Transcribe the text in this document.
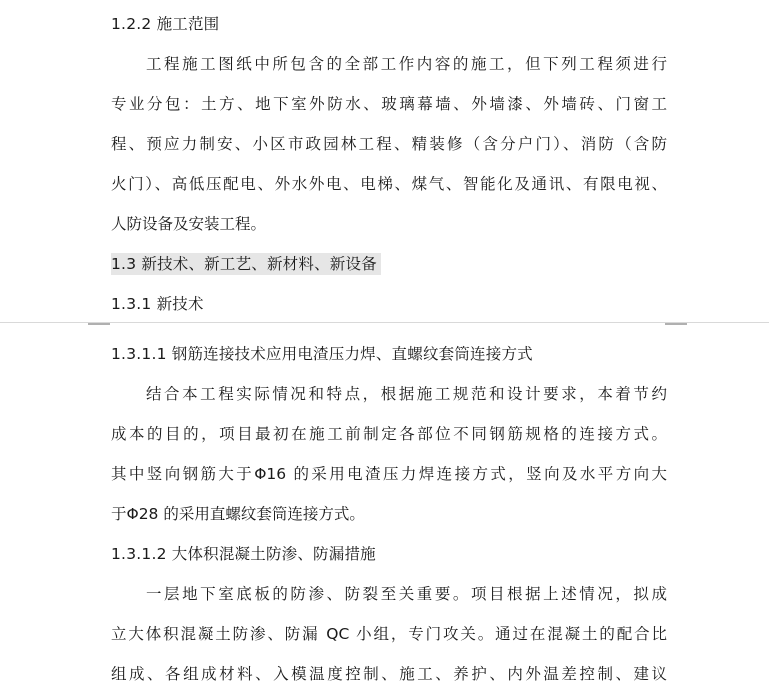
1.2.2 施工范围
工程施工图纸中所包含的全部工作内容的施工，但下列工程须进行
专业分包：土方、地下室外防水、玻璃幕墙、外墙漆、外墙砖、门窗工
程、预应力制安、小区市政园林工程、精装修（含分户门）、消防（含防
火门）、高低压配电、外水外电、电梯、煤气、智能化及通讯、有限电视、
人防设备及安装工程。
1.3 新技术、新工艺、新材料、新设备
1.3.1 新技术
1.3.1.1 钢筋连接技术应用电渣压力焊、直螺纹套筒连接方式
结合本工程实际情况和特点，根据施工规范和设计要求，本着节约
成本的目的，项目最初在施工前制定各部位不同钢筋规格的连接方式。
其中竖向钢筋大于Φ16 的采用电渣压力焊连接方式，竖向及水平方向大
于Φ28 的采用直螺纹套筒连接方式。
1.3.1.2 大体积混凝土防渗、防漏措施
一层地下室底板的防渗、防裂至关重要。项目根据上述情况，拟成
立大体积混凝土防渗、防漏 QC 小组，专门攻关。通过在混凝土的配合比
组成、各组成材料、入模温度控制、施工、养护、内外温差控制、建议
